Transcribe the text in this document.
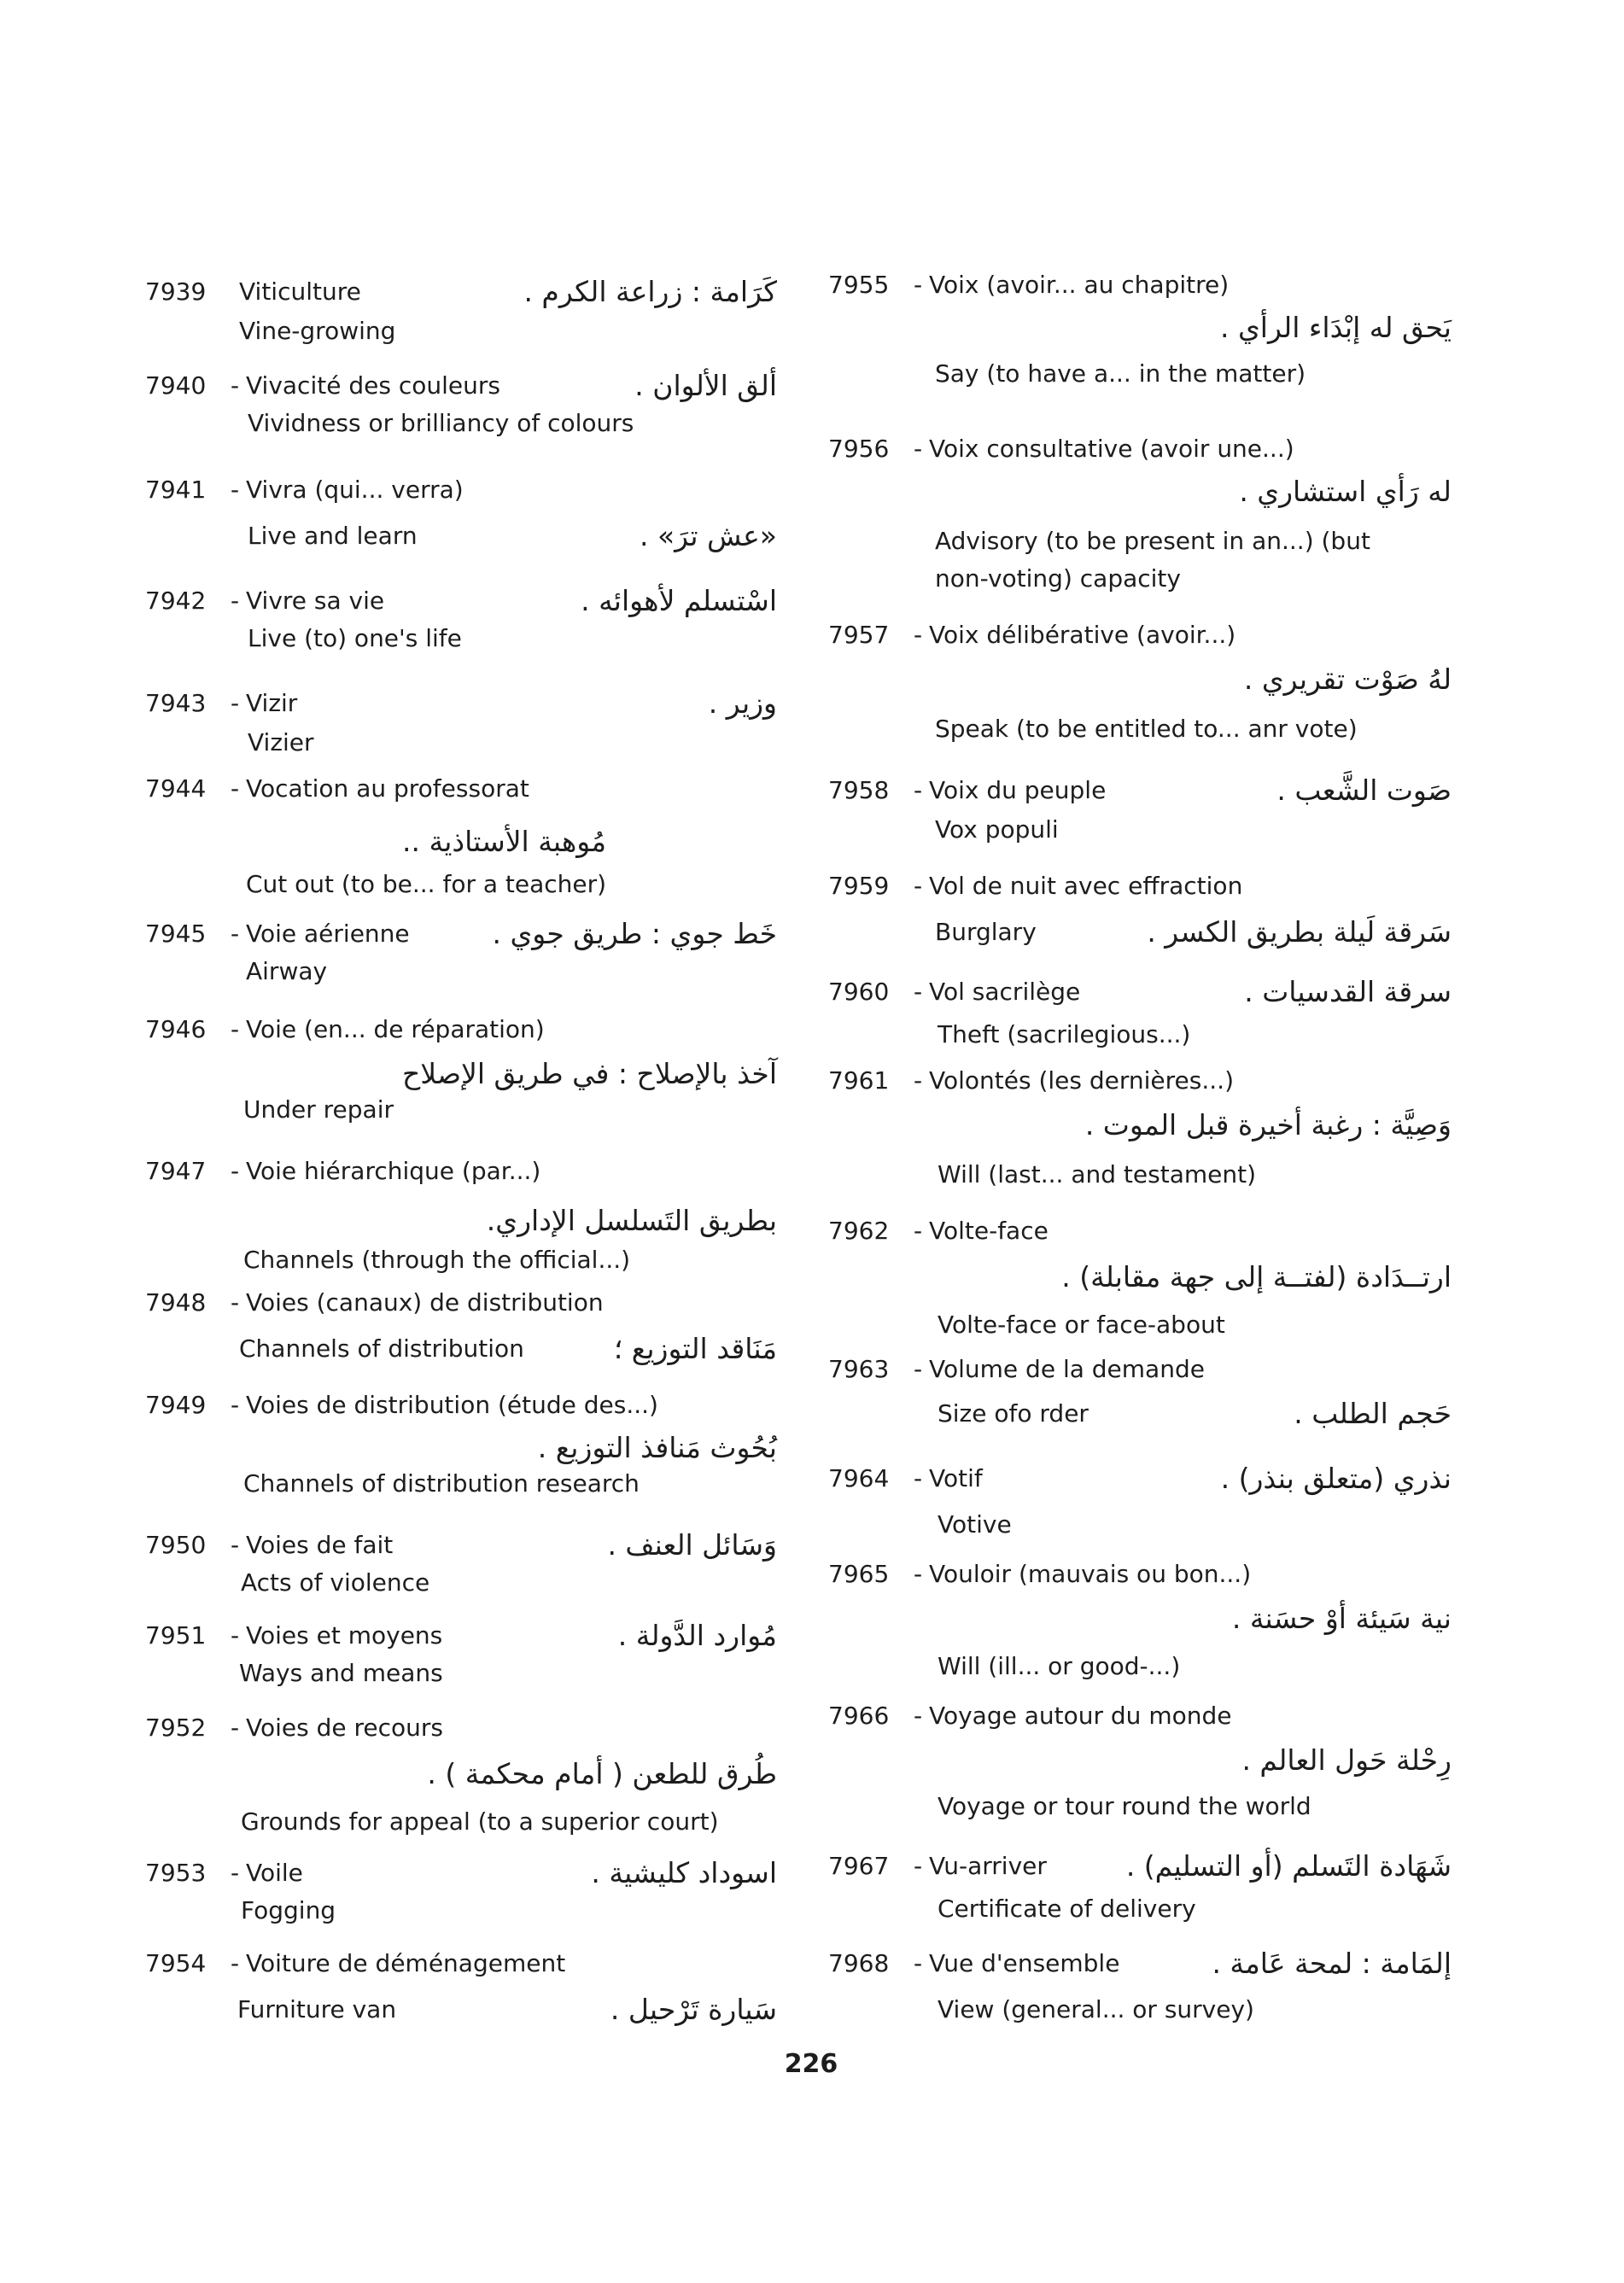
7939 Viticulture	كَرَامة : زراعة الكرم .
Vine-growing
7940 - Vivacité des couleurs	ألق الألوان .
Vividness or brilliancy of colours
7941 - Vivra (qui... verra)
Live and learn	«عش ترَ» .
7942 - Vivre sa vie	اسْتسلم لأهوائه .
Live (to) one's life
7943 - Vizir	وزير .
Vizier
7944 - Vocation au professorat
مُوهبة الأستاذية ..
Cut out (to be... for a teacher)
7945 - Voie aérienne	خَط جوي : طريق جوي .
Airway
7946 - Voie (en... de réparation)
آخذ بالإصلاح : في طريق الإصلاح
Under repair
7947 - Voie hiérarchique (par...)
بطريق التَسلسل الإداري.
Channels (through the official...)
7948 - Voies (canaux) de distribution
Channels of distribution	مَنَاقد التوزيع ؛
7949 - Voies de distribution (étude des...)
بُحُوث مَنافذ التوزيع .
Channels of distribution research
7950 - Voies de fait	وَسَائل العنف .
Acts of violence
7951 - Voies et moyens	مُوارد الدَّولة .
Ways and means
7952 - Voies de recours
طُرق للطعن ( أمام محكمة ) .
Grounds for appeal (to a superior court)
7953 - Voile	اسوداد كليشية .
Fogging
7954 - Voiture de déménagement
Furniture van	سَيارة تَرْحيل .
7955 - Voix (avoir... au chapitre)
يَحق له إبْدَاء الرأي .
Say (to have a... in the matter)
7956 - Voix consultative (avoir une...)
له رَأي استشاري .
Advisory (to be present in an...) (but
non-voting) capacity
7957 - Voix délibérative (avoir...)
لهُ صَوْت تقريري .
Speak (to be entitled to... anr vote)
7958 - Voix du peuple	صَوت الشَّعب .
Vox populi
7959 - Vol de nuit avec effraction
Burglary	سَرقة لَيلة بطريق الكسر .
7960 - Vol sacrilège	سرقة القدسيات .
Theft (sacrilegious...)
7961 - Volontés (les dernières...)
وَصِيَّة : رغبة أخيرة قبل الموت .
Will (last... and testament)
7962 - Volte-face
ارتــدَادة (لفتــة إلى جهة مقابلة) .
Volte-face or face-about
7963 - Volume de la demande
Size ofo rder	حَجم الطلب .
7964 - Votif	نذري (متعلق بنذر) .
Votive
7965 - Vouloir (mauvais ou bon...)
نية سَيئة أوْ حسَنة .
Will (ill... or good-...)
7966 - Voyage autour du monde
رِحْلة حَول العالم .
Voyage or tour round the world
7967 - Vu-arriver	شَهَادة التَسلم (أو التسليم) .
Certificate of delivery
7968 - Vue d'ensemble	إلمَامة : لمحة عَامة .
View (general... or survey)
226
